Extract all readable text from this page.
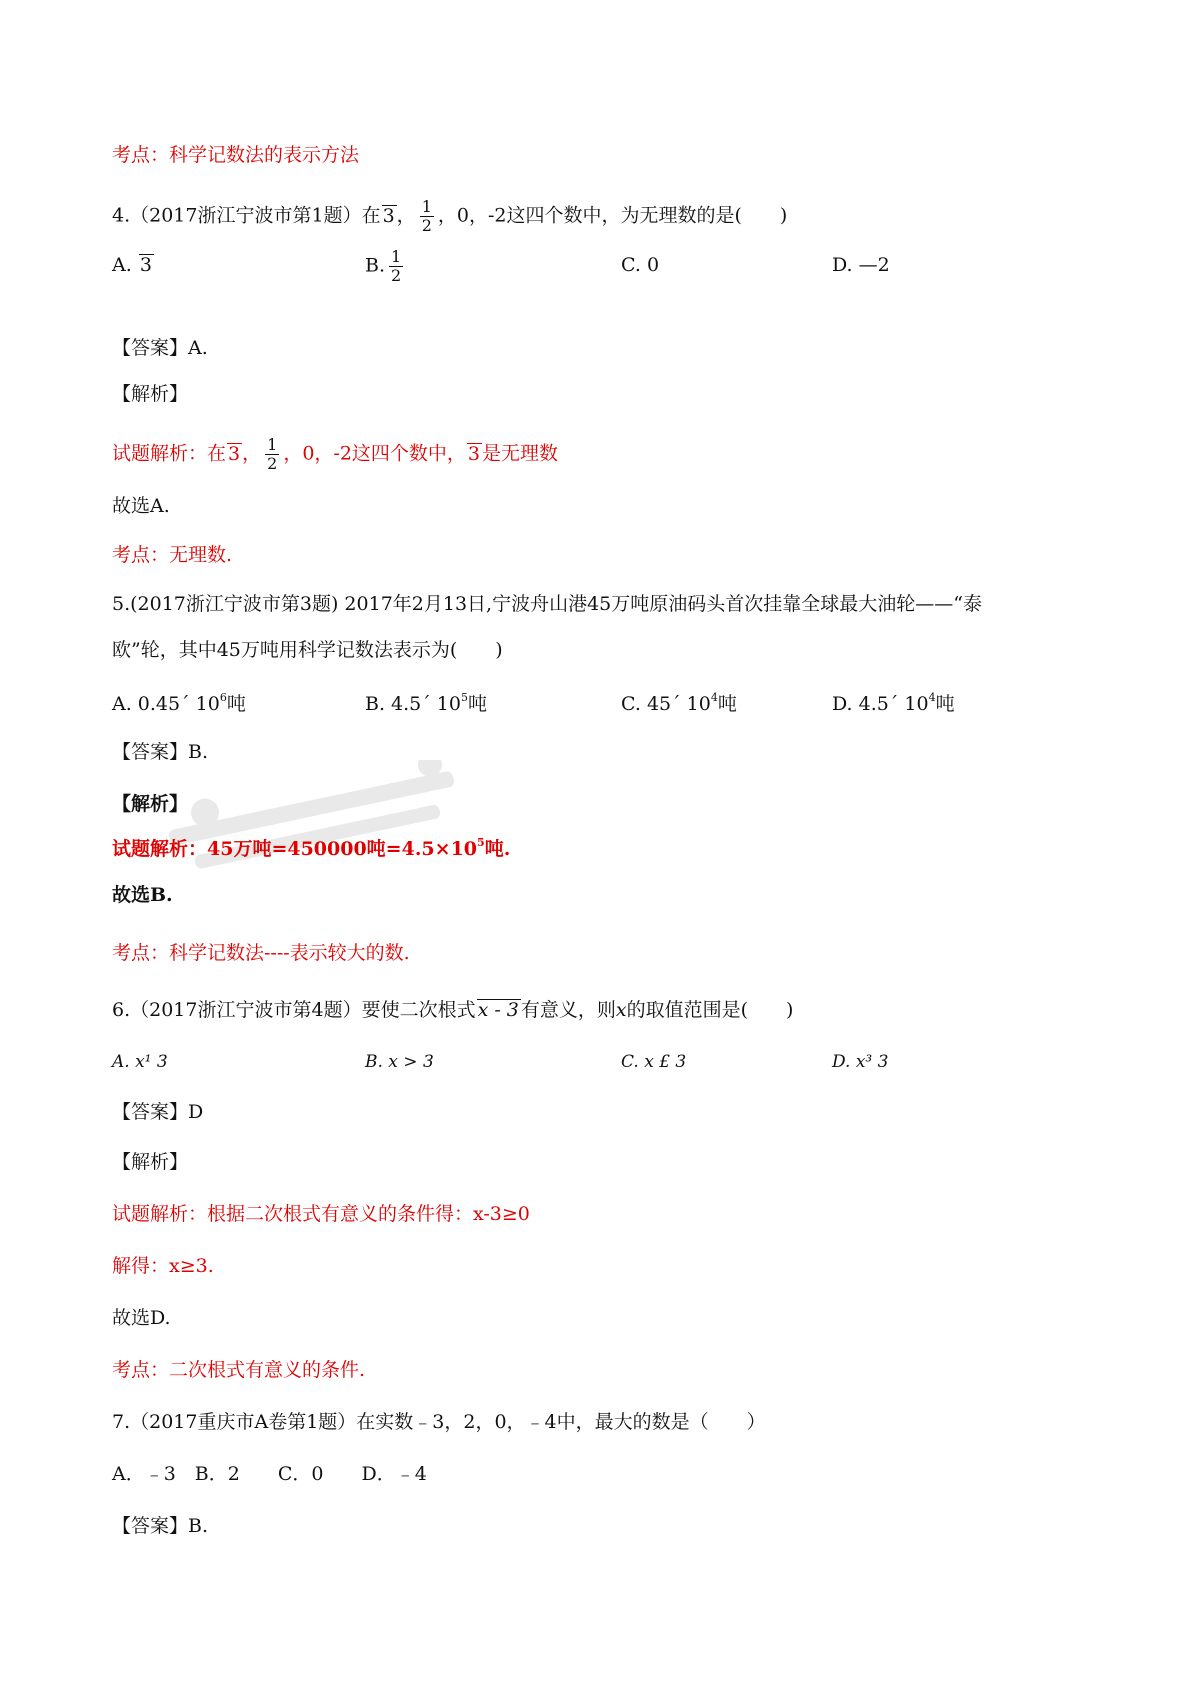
考点：科学记数法的表示方法
4.（2017浙江宁波市第1题）在 3 ， $\frac{1}{2}$ ，0，-2这四个数中，为无理数的是(　　)
A. 3	B. $\frac{1}{2}$	C. 0	D. —2
【答案】A.
【解析】
试题解析：在 3 ， $\frac{1}{2}$ ，0，-2这四个数中， 3 是无理数
故选A.
考点：无理数.
5.(2017浙江宁波市第3题) 2017年2月13日,宁波舟山港45万吨原油码头首次挂靠全球最大油轮——“泰
欧”轮，其中45万吨用科学记数法表示为(　　)
A. 0.45´ $10^6$吨	B. 4.5´ $10^5$吨	C. 45´ $10^4$吨	D. 4.5´ $10^4$吨
【答案】B.
【解析】
试题解析：45万吨=450000吨$=4.5\times 10^5$吨.
故选B.
考点：科学记数法----表示较大的数.
6.（2017浙江宁波市第4题）要使二次根式 x - 3 有意义，则x的取值范围是(　　)
A. x¹ 3	B. x > 3	C. x £ 3	D. x³ 3
【答案】D
【解析】
试题解析：根据二次根式有意义的条件得：x-3≥0
解得：x≥3.
故选D.
考点：二次根式有意义的条件.
7.（2017重庆市A卷第1题）在实数﹣3，2，0，﹣4中，最大的数是（　　）
A．﹣3　B．2　　C．0　　D．﹣4
【答案】B.
